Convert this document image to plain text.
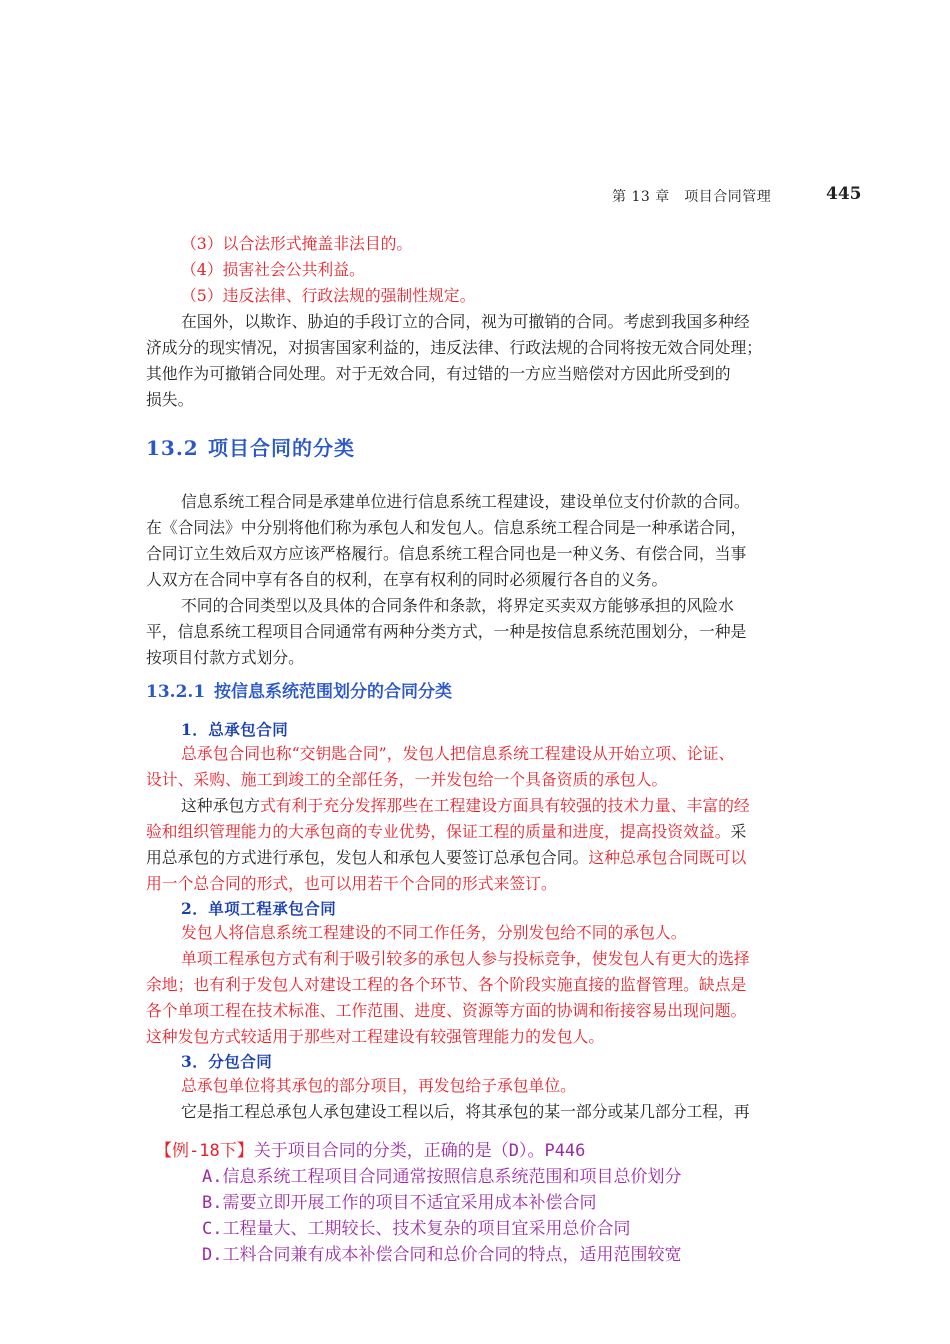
第 13 章　项目合同管理	445
（3）以合法形式掩盖非法目的。
（4）损害社会公共利益。
（5）违反法律、行政法规的强制性规定。
在国外，以欺诈、胁迫的手段订立的合同，视为可撤销的合同。考虑到我国多种经
济成分的现实情况，对损害国家利益的，违反法律、行政法规的合同将按无效合同处理；
其他作为可撤销合同处理。对于无效合同，有过错的一方应当赔偿对方因此所受到的
损失。
13.2 项目合同的分类
信息系统工程合同是承建单位进行信息系统工程建设，建设单位支付价款的合同。
在《合同法》中分别将他们称为承包人和发包人。信息系统工程合同是一种承诺合同，
合同订立生效后双方应该严格履行。信息系统工程合同也是一种义务、有偿合同，当事
人双方在合同中享有各自的权利，在享有权利的同时必须履行各自的义务。
不同的合同类型以及具体的合同条件和条款，将界定买卖双方能够承担的风险水
平，信息系统工程项目合同通常有两种分类方式，一种是按信息系统范围划分，一种是
按项目付款方式划分。
13.2.1 按信息系统范围划分的合同分类
1．总承包合同
总承包合同也称“交钥匙合同”，发包人把信息系统工程建设从开始立项、论证、
设计、采购、施工到竣工的全部任务，一并发包给一个具备资质的承包人。
这种承包方式有利于充分发挥那些在工程建设方面具有较强的技术力量、丰富的经
验和组织管理能力的大承包商的专业优势，保证工程的质量和进度，提高投资效益。采
用总承包的方式进行承包，发包人和承包人要签订总承包合同。这种总承包合同既可以
用一个总合同的形式，也可以用若干个合同的形式来签订。
2．单项工程承包合同
发包人将信息系统工程建设的不同工作任务，分别发包给不同的承包人。
单项工程承包方式有利于吸引较多的承包人参与投标竞争，使发包人有更大的选择
余地；也有利于发包人对建设工程的各个环节、各个阶段实施直接的监督管理。缺点是
各个单项工程在技术标准、工作范围、进度、资源等方面的协调和衔接容易出现问题。
这种发包方式较适用于那些对工程建设有较强管理能力的发包人。
3．分包合同
总承包单位将其承包的部分项目，再发包给子承包单位。
它是指工程总承包人承包建设工程以后，将其承包的某一部分或某几部分工程，再
【例-18下】关于项目合同的分类，正确的是（D）。P446
A.信息系统工程项目合同通常按照信息系统范围和项目总价划分
B.需要立即开展工作的项目不适宜采用成本补偿合同
C.工程量大、工期较长、技术复杂的项目宜采用总价合同
D.工料合同兼有成本补偿合同和总价合同的特点，适用范围较宽
